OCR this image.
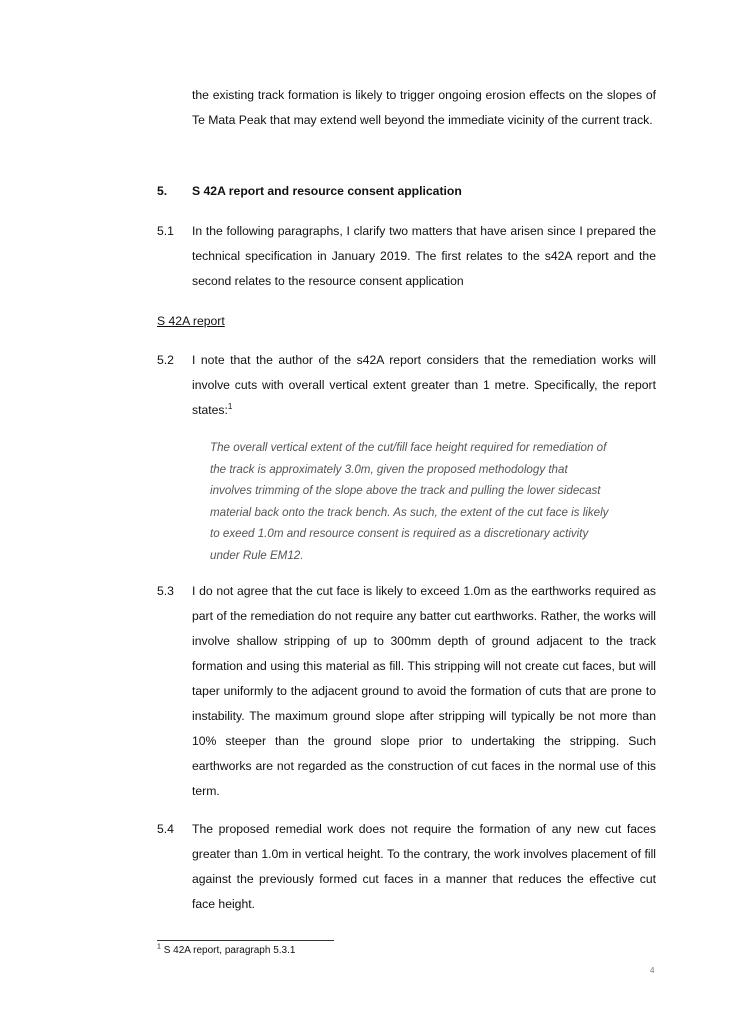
the existing track formation is likely to trigger ongoing erosion effects on the slopes of Te Mata Peak that may extend well beyond the immediate vicinity of the current track.
5. S 42A report and resource consent application
5.1 In the following paragraphs, I clarify two matters that have arisen since I prepared the technical specification in January 2019. The first relates to the s42A report and the second relates to the resource consent application
S 42A report
5.2 I note that the author of the s42A report considers that the remediation works will involve cuts with overall vertical extent greater than 1 metre. Specifically, the report states:$^1$
The overall vertical extent of the cut/fill face height required for remediation of the track is approximately 3.0m, given the proposed methodology that involves trimming of the slope above the track and pulling the lower sidecast material back onto the track bench. As such, the extent of the cut face is likely to exeed 1.0m and resource consent is required as a discretionary activity under Rule EM12.
5.3 I do not agree that the cut face is likely to exceed 1.0m as the earthworks required as part of the remediation do not require any batter cut earthworks. Rather, the works will involve shallow stripping of up to 300mm depth of ground adjacent to the track formation and using this material as fill. This stripping will not create cut faces, but will taper uniformly to the adjacent ground to avoid the formation of cuts that are prone to instability. The maximum ground slope after stripping will typically be not more than 10% steeper than the ground slope prior to undertaking the stripping. Such earthworks are not regarded as the construction of cut faces in the normal use of this term.
5.4 The proposed remedial work does not require the formation of any new cut faces greater than 1.0m in vertical height. To the contrary, the work involves placement of fill against the previously formed cut faces in a manner that reduces the effective cut face height.
$^1$ S 42A report, paragraph 5.3.1
4
